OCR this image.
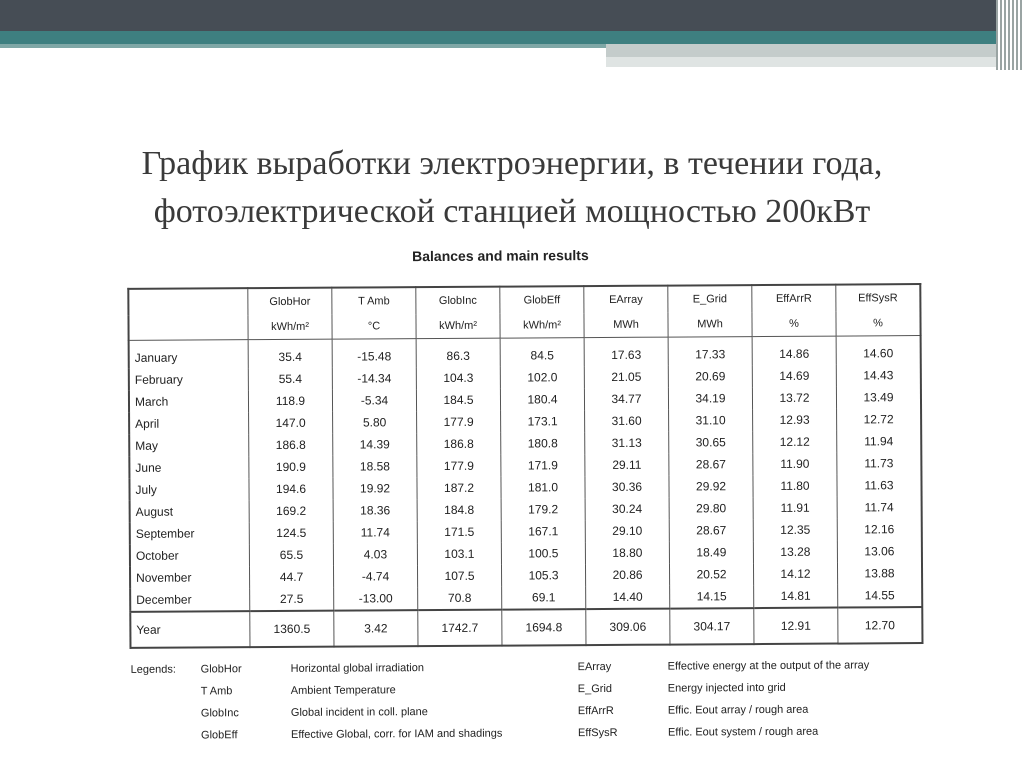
График выработки электроэнергии, в течении года,
фотоэлектрической станцией мощностью 200кВт
Balances and main results
	GlobHor	T Amb	GlobInc	GlobEff	EArray	E_Grid	EffArrR	EffSysR
	kWh/m²	°C	kWh/m²	kWh/m²	MWh	MWh	%	%
January	35.4	-15.48	86.3	84.5	17.63	17.33	14.86	14.60
February	55.4	-14.34	104.3	102.0	21.05	20.69	14.69	14.43
March	118.9	-5.34	184.5	180.4	34.77	34.19	13.72	13.49
April	147.0	5.80	177.9	173.1	31.60	31.10	12.93	12.72
May	186.8	14.39	186.8	180.8	31.13	30.65	12.12	11.94
June	190.9	18.58	177.9	171.9	29.11	28.67	11.90	11.73
July	194.6	19.92	187.2	181.0	30.36	29.92	11.80	11.63
August	169.2	18.36	184.8	179.2	30.24	29.80	11.91	11.74
September	124.5	11.74	171.5	167.1	29.10	28.67	12.35	12.16
October	65.5	4.03	103.1	100.5	18.80	18.49	13.28	13.06
November	44.7	-4.74	107.5	105.3	20.86	20.52	14.12	13.88
December	27.5	-13.00	70.8	69.1	14.40	14.15	14.81	14.55
Year	1360.5	3.42	1742.7	1694.8	309.06	304.17	12.91	12.70
Legends: GlobHor	Horizontal global irradiation
T Amb	Ambient Temperature
GlobInc	Global incident in coll. plane
GlobEff	Effective Global, corr. for IAM and shadings
EArray	Effective energy at the output of the array
E_Grid	Energy injected into grid
EffArrR	Effic. Eout array / rough area
EffSysR	Effic. Eout system / rough area
